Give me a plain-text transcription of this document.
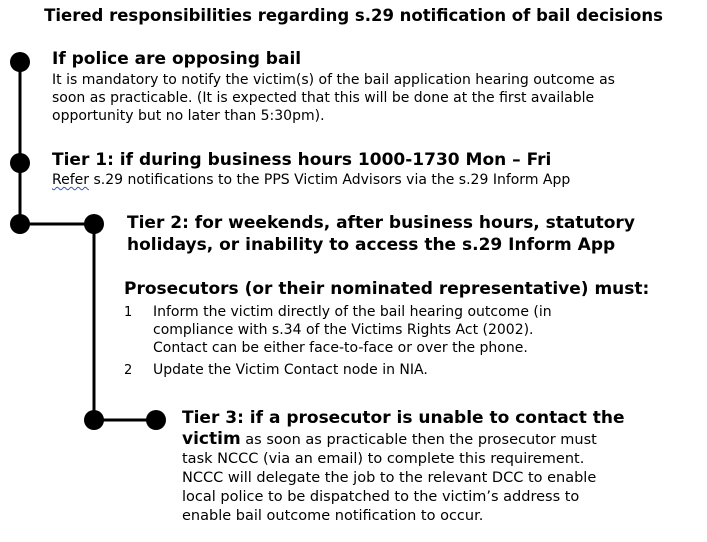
Tiered responsibilities regarding s.29 notification of bail decisions
If police are opposing bail
It is mandatory to notify the victim(s) of the bail application hearing outcome as
soon as practicable. (It is expected that this will be done at the first available
opportunity but no later than 5:30pm).
Tier 1: if during business hours 1000-1730 Mon – Fri
Refer s.29 notifications to the PPS Victim Advisors via the s.29 Inform App
Tier 2: for weekends, after business hours, statutory
holidays, or inability to access the s.29 Inform App
Prosecutors (or their nominated representative) must:
1 Inform the victim directly of the bail hearing outcome (in
compliance with s.34 of the Victims Rights Act (2002).
Contact can be either face-to-face or over the phone.
2 Update the Victim Contact node in NIA.
Tier 3: if a prosecutor is unable to contact the
victim as soon as practicable then the prosecutor must
task NCCC (via an email) to complete this requirement.
NCCC will delegate the job to the relevant DCC to enable
local police to be dispatched to the victim’s address to
enable bail outcome notification to occur.
